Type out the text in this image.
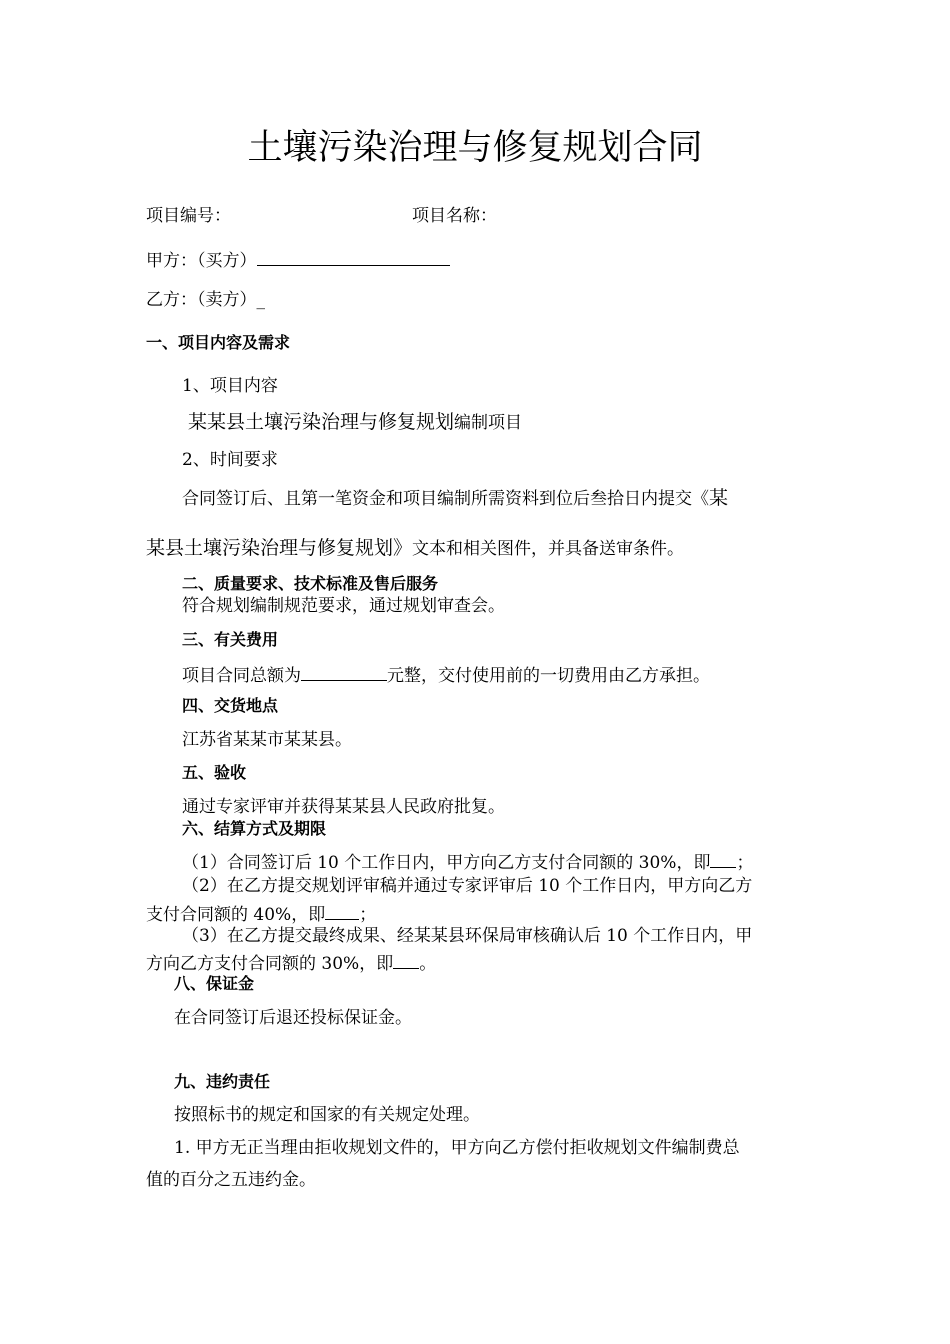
土壤污染治理与修复规划合同
项目编号：	项目名称：
甲方：（买方）
乙方：（卖方）_
一、项目内容及需求
1、项目内容
某某县土壤污染治理与修复规划编制项目
2、时间要求
合同签订后、且第一笔资金和项目编制所需资料到位后叁拾日内提交《某
某县土壤污染治理与修复规划》文本和相关图件，并具备送审条件。
二、质量要求、技术标准及售后服务
符合规划编制规范要求，通过规划审查会。
三、有关费用
项目合同总额为	元整，交付使用前的一切费用由乙方承担。
四、交货地点
江苏省某某市某某县。
五、验收
通过专家评审并获得某某县人民政府批复。
六、结算方式及期限
（1）合同签订后 10 个工作日内，甲方向乙方支付合同额的 30%，即 ；
（2）在乙方提交规划评审稿并通过专家评审后 10 个工作日内，甲方向乙方
支付合同额的 40%，即 ；
（3）在乙方提交最终成果、经某某县环保局审核确认后 10 个工作日内，甲
方向乙方支付合同额的 30%，即 。
八、保证金
在合同签订后退还投标保证金。
九、违约责任
按照标书的规定和国家的有关规定处理。
1. 甲方无正当理由拒收规划文件的，甲方向乙方偿付拒收规划文件编制费总
值的百分之五违约金。
